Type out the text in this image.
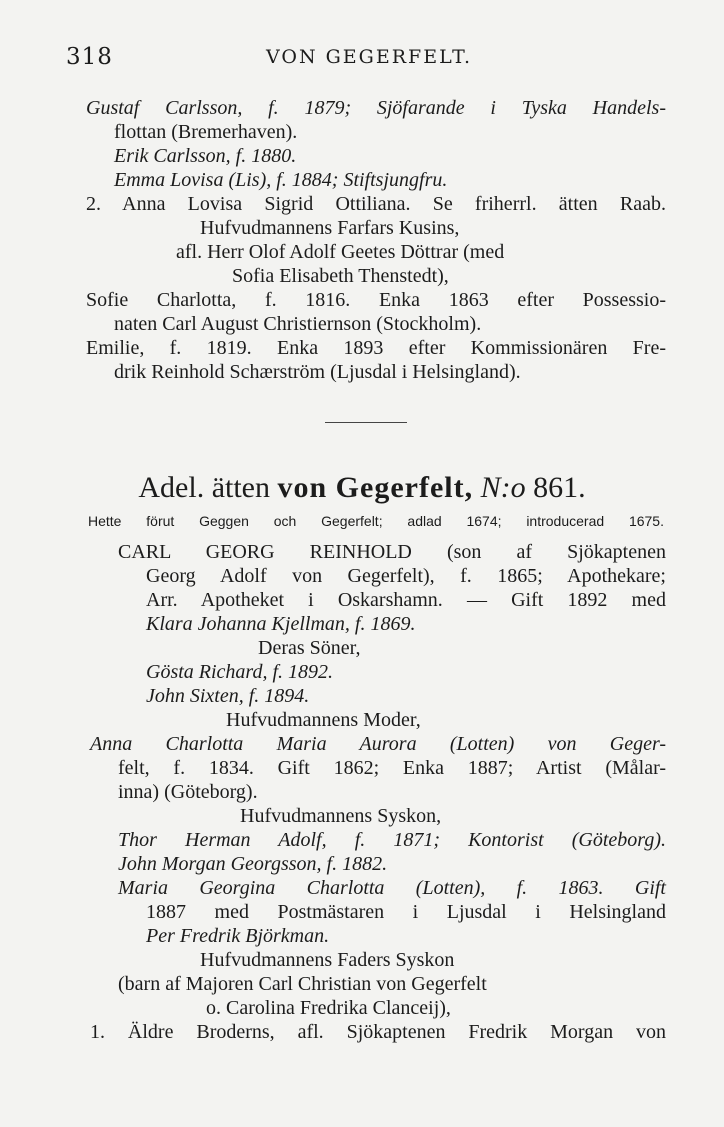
318	VON GEGERFELT.
Gustaf Carlsson, f. 1879; Sjöfarande i Tyska Handels-
flottan (Bremerhaven).
Erik Carlsson, f. 1880.
Emma Lovisa (Lis), f. 1884; Stiftsjungfru.
2. Anna Lovisa Sigrid Ottiliana. Se friherrl. ätten Raab.
Hufvudmannens Farfars Kusins,
afl. Herr Olof Adolf Geetes Döttrar (med
Sofia Elisabeth Thenstedt),
Sofie Charlotta, f. 1816. Enka 1863 efter Possessio-
naten Carl August Christiernson (Stockholm).
Emilie, f. 1819. Enka 1893 efter Kommissionären Fre-
drik Reinhold Schærström (Ljusdal i Helsingland).
Adel. ätten von Gegerfelt, N:o 861.
Hette förut Geggen och Gegerfelt; adlad 1674; introducerad 1675.
CARL GEORG REINHOLD (son af Sjökaptenen
Georg Adolf von Gegerfelt), f. 1865; Apothekare;
Arr. Apotheket i Oskarshamn. — Gift 1892 med
Klara Johanna Kjellman, f. 1869.
Deras Söner,
Gösta Richard, f. 1892.
John Sixten, f. 1894.
Hufvudmannens Moder,
Anna Charlotta Maria Aurora (Lotten) von Geger-
felt, f. 1834. Gift 1862; Enka 1887; Artist (Målar-
inna) (Göteborg).
Hufvudmannens Syskon,
Thor Herman Adolf, f. 1871; Kontorist (Göteborg).
John Morgan Georgsson, f. 1882.
Maria Georgina Charlotta (Lotten), f. 1863. Gift
1887 med Postmästaren i Ljusdal i Helsingland
Per Fredrik Björkman.
Hufvudmannens Faders Syskon
(barn af Majoren Carl Christian von Gegerfelt
o. Carolina Fredrika Clanceij),
1. Äldre Broderns, afl. Sjökaptenen Fredrik Morgan von
